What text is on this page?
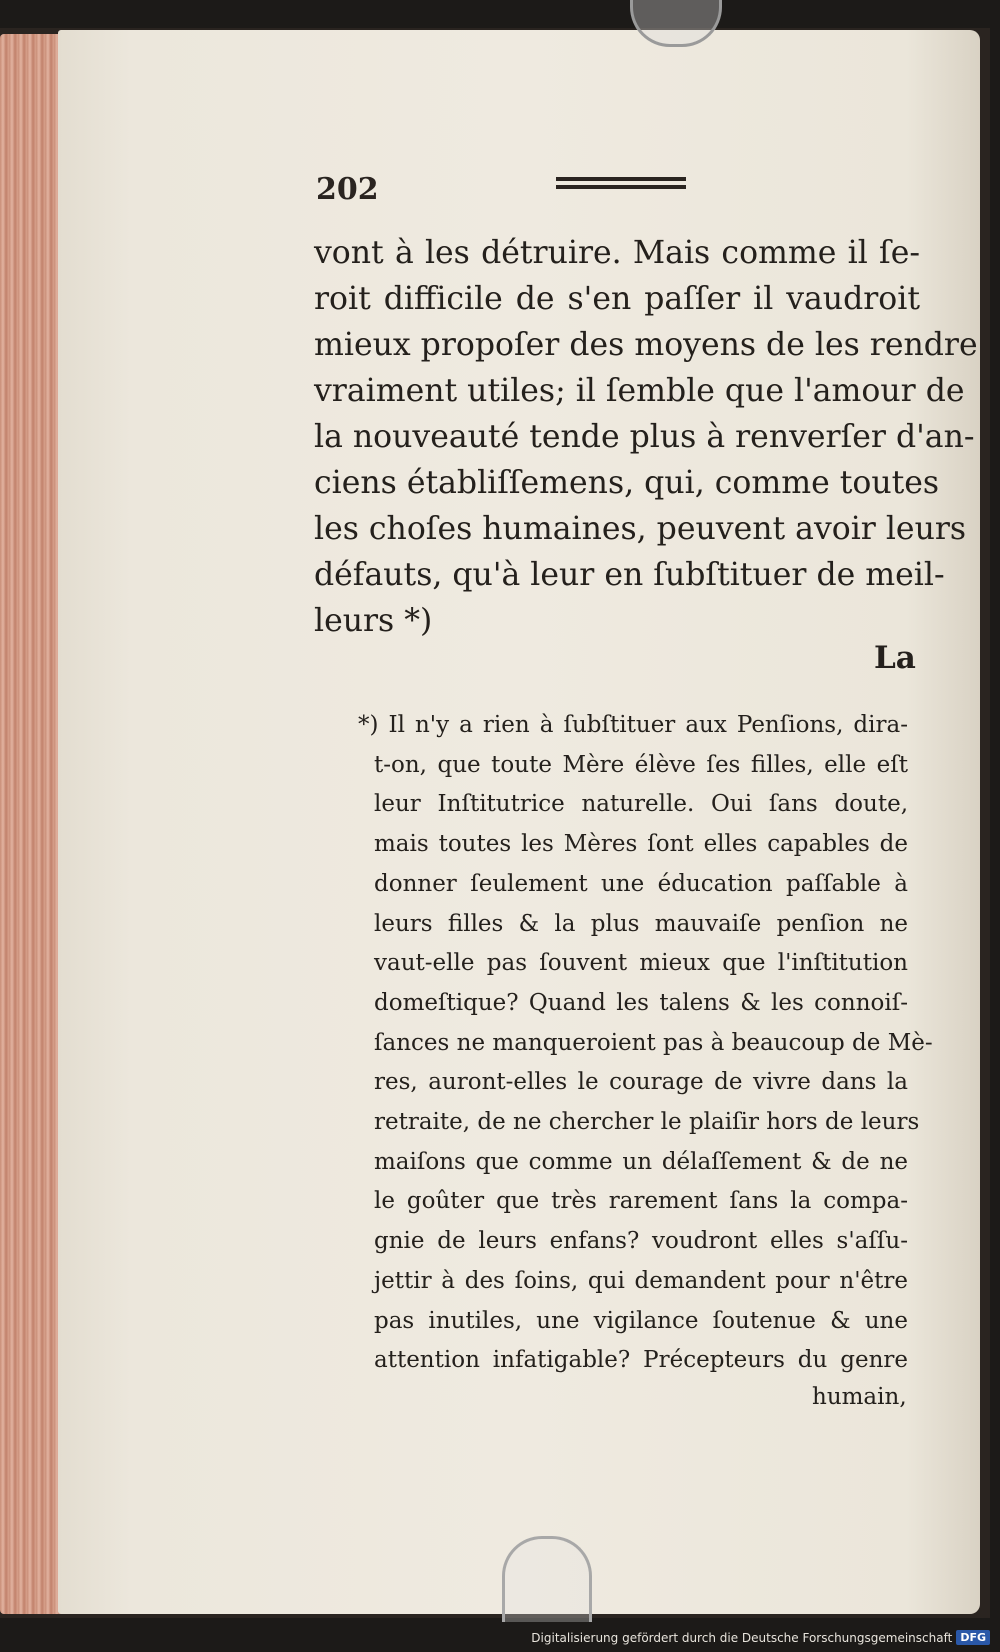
202
vont à les détruire. Mais comme il ſe-
roit difficile de s'en paſſer il vaudroit
mieux propoſer des moyens de les rendre
vraiment utiles; il ſemble que l'amour de
la nouveauté tende plus à renverſer d'an-
ciens établiſſemens, qui, comme toutes
les choſes humaines, peuvent avoir leurs
défauts, qu'à leur en ſubſtituer de meil-
leurs *)
La
*) Il n'y a rien à ſubſtituer aux Penſions, dira-
t-on, que toute Mère élève ſes filles, elle eſt
leur Inſtitutrice naturelle. Oui ſans doute,
mais toutes les Mères ſont elles capables de
donner ſeulement une éducation paſſable à
leurs filles & la plus mauvaiſe penſion ne
vaut-elle pas ſouvent mieux que l'inſtitution
domeſtique? Quand les talens & les connoiſ-
ſances ne manqueroient pas à beaucoup de Mè-
res, auront-elles le courage de vivre dans la
retraite, de ne chercher le plaiſir hors de leurs
maiſons que comme un délaſſement & de ne
le goûter que très rarement ſans la compa-
gnie de leurs enfans? voudront elles s'aſſu-
jettir à des ſoins, qui demandent pour n'être
pas inutiles, une vigilance ſoutenue & une
attention infatigable? Précepteurs du genre
humain,
Digitalisierung gefördert durch die Deutsche Forschungsgemeinschaft DFG
